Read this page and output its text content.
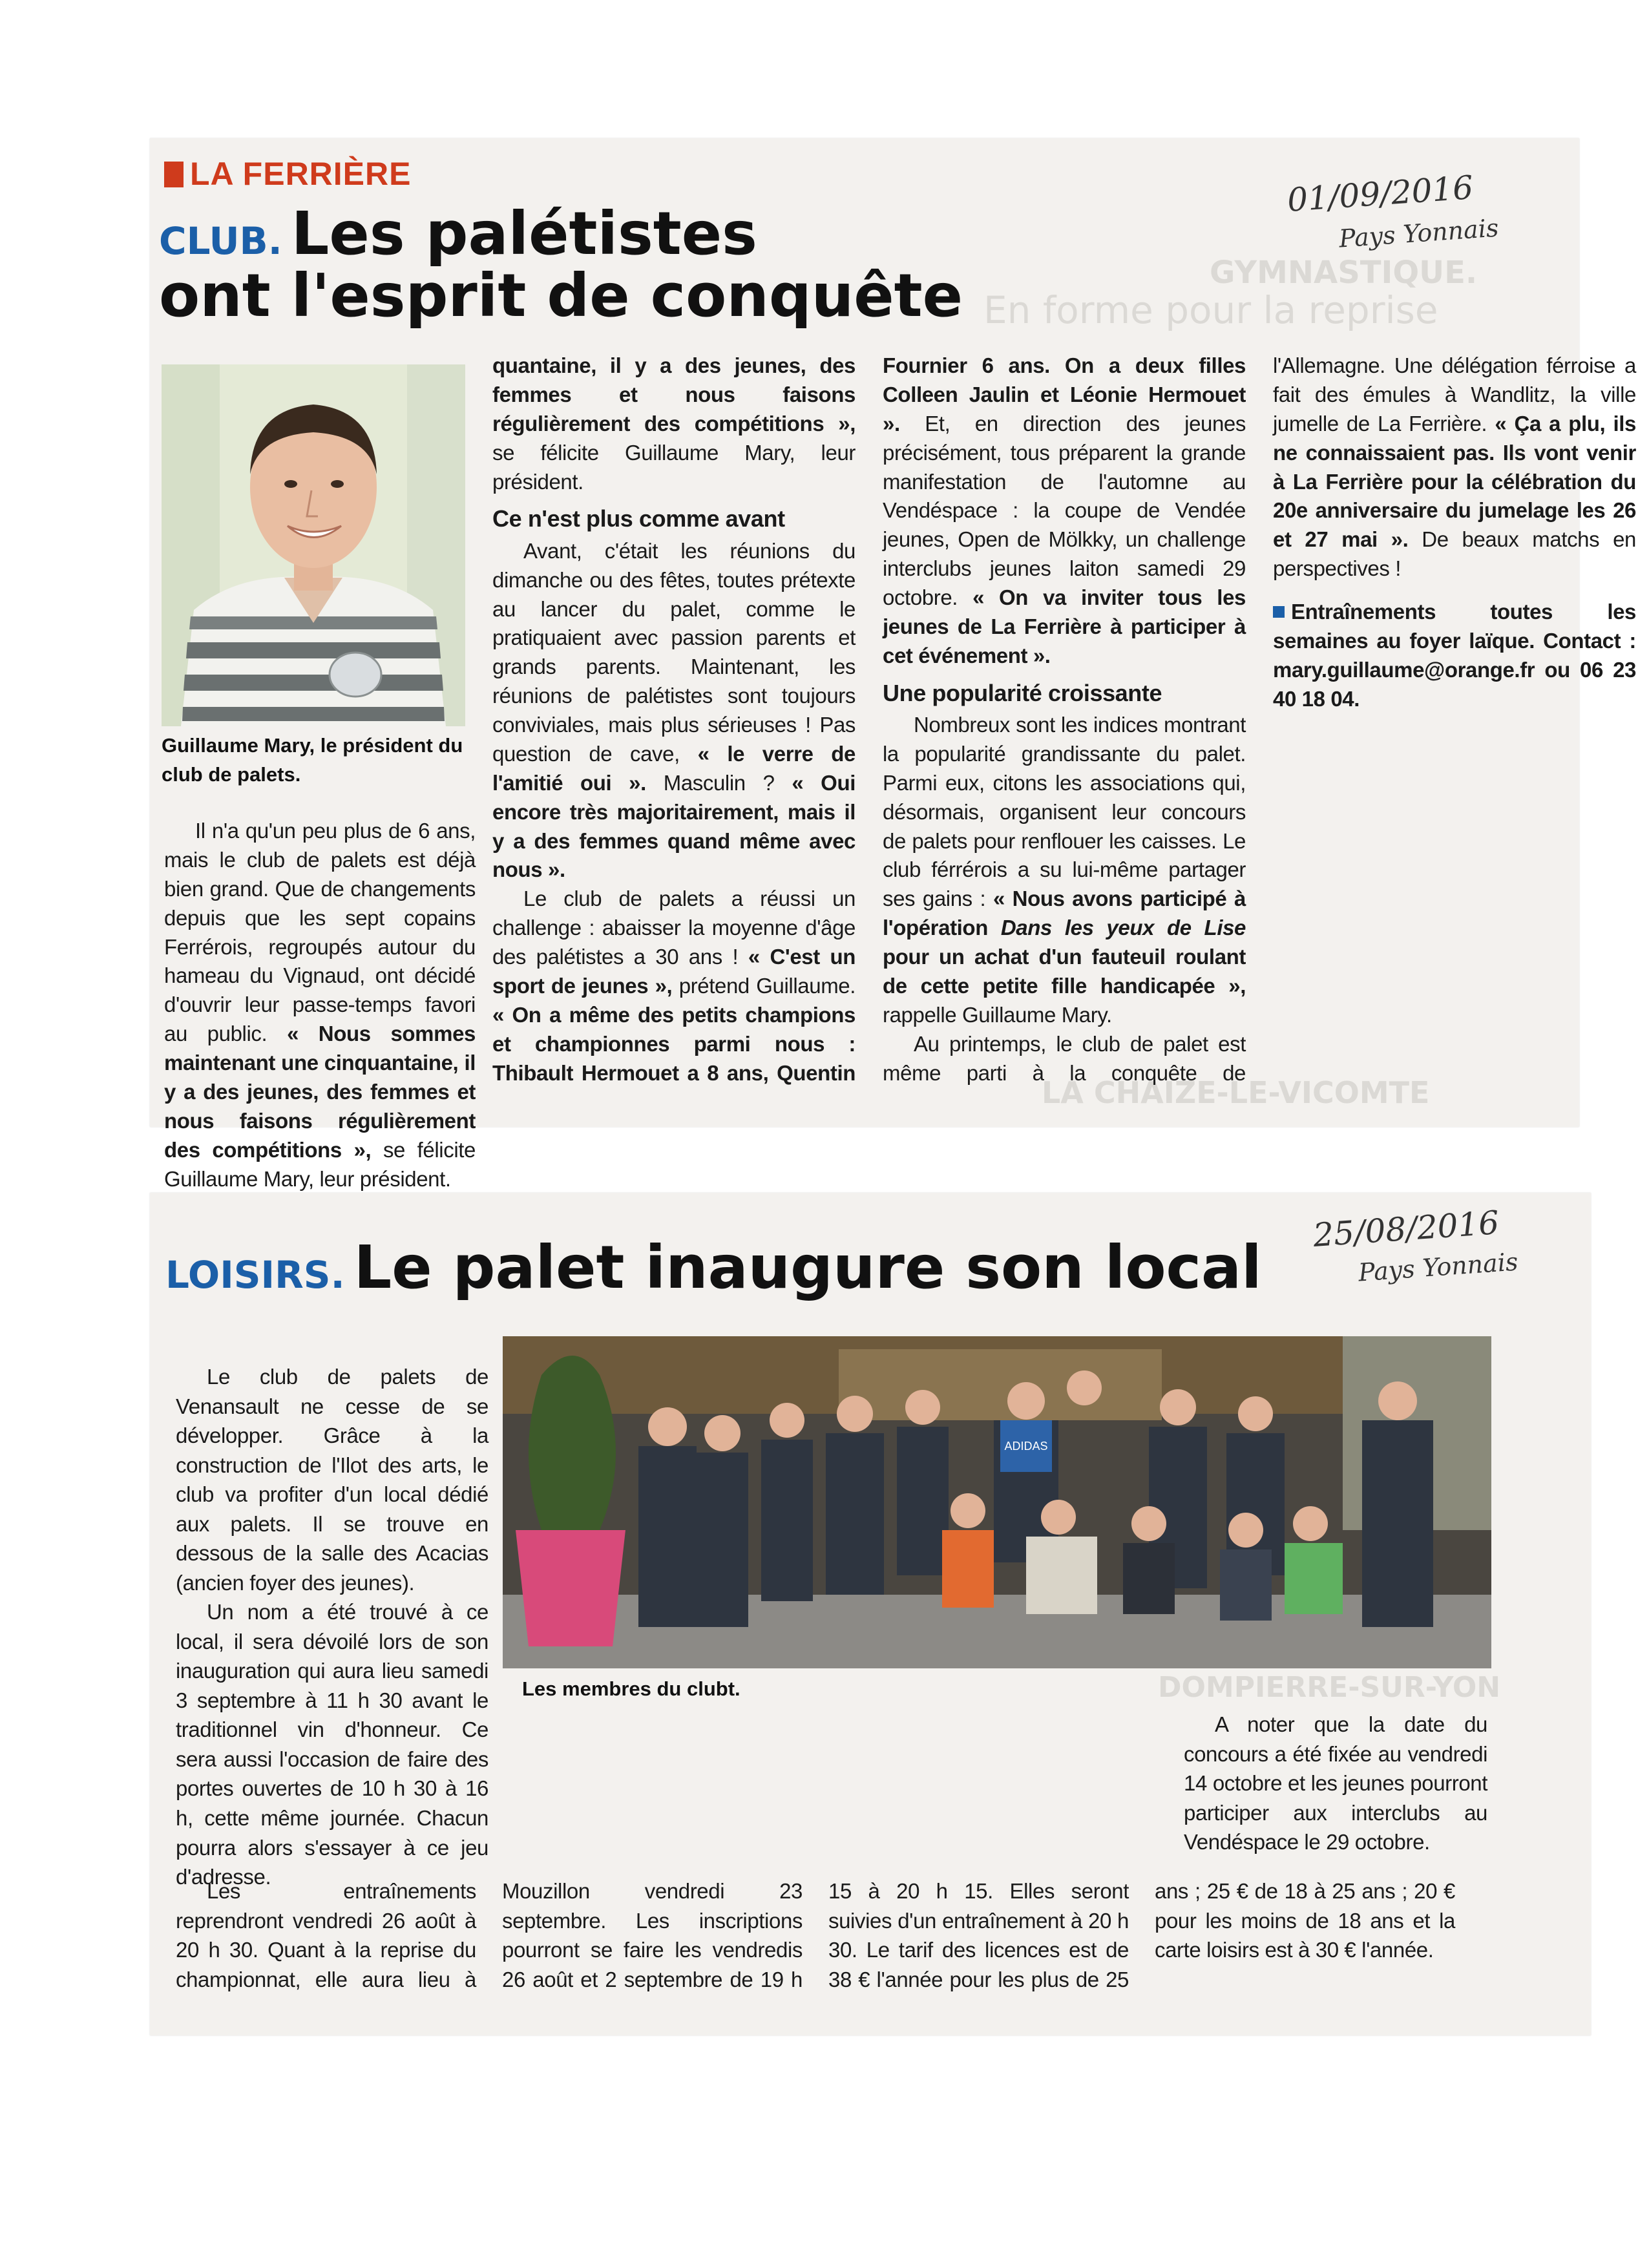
GYMNASTIQUE.
En forme pour la reprise
LA CHAIZE-LE-VICOMTE
LA FERRIÈRE
CLUB. Les palétistes
ont l'esprit de conquête
01/09/2016
Pays Yonnais
Guillaume Mary, le président du club de palets.

Il n'a qu'un peu plus de 6 ans, mais le club de palets est déjà bien grand. Que de changements depuis que les sept copains Ferrérois, regroupés autour du hameau du Vignaud, ont décidé d'ouvrir leur passe-temps favori au public. « Nous sommes maintenant une cinquantaine, il y a des jeunes, des femmes et nous faisons régulièrement des compétitions », se félicite Guillaume Mary, leur président.

quantaine, il y a des jeunes, des femmes et nous faisons régulièrement des compétitions », se félicite Guillaume Mary, leur président.

Ce n'est plus comme avant

Avant, c'était les réunions du dimanche ou des fêtes, toutes prétexte au lancer du palet, comme le pratiquaient avec passion parents et grands parents. Maintenant, les réunions de palétistes sont toujours conviviales, mais plus sérieuses ! Pas question de cave, « le verre de l'amitié oui ». Masculin ? « Oui encore très majoritairement, mais il y a des femmes quand même avec nous ».

Le club de palets a réussi un challenge : abaisser la moyenne d'âge des palétistes a 30 ans ! « C'est un sport de jeunes », prétend Guillaume. « On a même des petits champions et championnes parmi nous : Thibault Hermouet a 8 ans, Quentin Fournier 6 ans. On a deux filles Colleen Jaulin et Léonie Hermouet ». Et, en direction des jeunes précisément, tous préparent la grande manifestation de l'automne au Vendéspace : la coupe de Vendée jeunes, Open de Mölkky, un challenge interclubs jeunes laiton samedi 29 octobre. « On va inviter tous les jeunes de La Ferrière à participer à cet événement ».

Une popularité croissante

Nombreux sont les indices montrant la popularité grandissante du palet. Parmi eux, citons les associations qui, désormais, organisent leur concours de palets pour renflouer les caisses. Le club férrérois a su lui-même partager ses gains : « Nous avons participé à l'opération Dans les yeux de Lise pour un achat d'un fauteuil roulant de cette petite fille handicapée », rappelle Guillaume Mary.

Au printemps, le club de palet est même parti à la conquête de l'Allemagne. Une délégation férroise a fait des émules à Wandlitz, la ville jumelle de La Ferrière. « Ça a plu, ils ne connaissaient pas. Ils vont venir à La Ferrière pour la célébration du 20e anniversaire du jumelage les 26 et 27 mai ». De beaux matchs en perspectives !

Entraînements toutes les semaines au foyer laïque. Contact : mary.guillaume@orange.fr ou 06 23 40 18 04.

DOMPIERRE-SUR-YON
LOISIRS. Le palet inaugure son local
25/08/2016
Pays Yonnais
ADIDAS
Les membres du clubt.

Le club de palets de Venansault ne cesse de se développer. Grâce à la construction de l'Ilot des arts, le club va profiter d'un local dédié aux palets. Il se trouve en dessous de la salle des Acacias (ancien foyer des jeunes).

Un nom a été trouvé à ce local, il sera dévoilé lors de son inauguration qui aura lieu samedi 3 septembre à 11 h 30 avant le traditionnel vin d'honneur. Ce sera aussi l'occasion de faire des portes ouvertes de 10 h 30 à 16 h, cette même journée. Chacun pourra alors s'essayer à ce jeu d'adresse.

Les entraînements reprendront vendredi 26 août à 20 h 30. Quant à la reprise du championnat, elle aura lieu à Mouzillon vendredi 23 septembre. Les inscriptions pourront se faire les vendredis 26 août et 2 septembre de 19 h 15 à 20 h 15. Elles seront suivies d'un entraînement à 20 h 30. Le tarif des licences est de 38 € l'année pour les plus de 25 ans ; 25 € de 18 à 25 ans ; 20 € pour les moins de 18 ans et la carte loisirs est à 30 € l'année.

A noter que la date du concours a été fixée au vendredi 14 octobre et les jeunes pourront participer aux interclubs au Vendéspace le 29 octobre.
